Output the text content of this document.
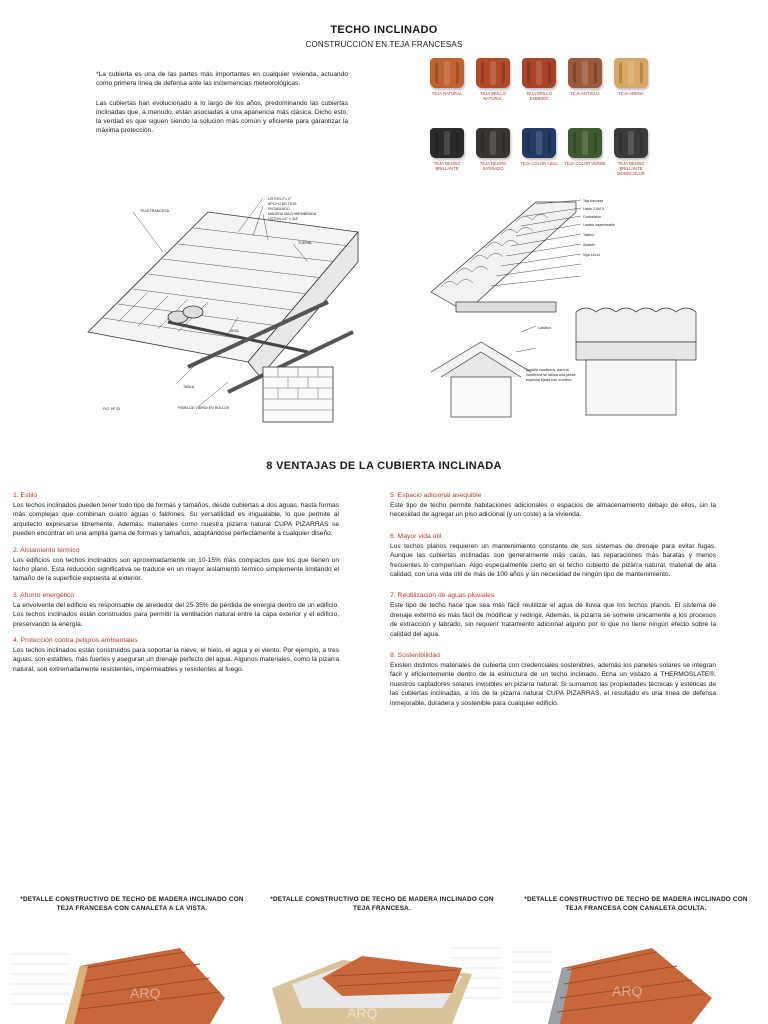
TECHO INCLINADO
CONSTRUCCIÓN EN TEJA FRANCESAS

*La cubierta es una de las partes más importantes en cualquier vivienda, actuando como primera línea de defensa ante las inclemencias meteorológicas.

Las cubiertas han evolucionado a lo largo de los años, predominando las cubiertas inclinadas que, a menudo, están asociadas a una apariencia más clásica. Dicho esto, la verdad es que siguen siendo la solución más común y eficiente para garantizar la máxima protección.

TEJA NATURAL	TEJA BRILLO NATURAL
TEJA BRILLO EMBERO
TEJA ANTIGUA	TEJA ARENA
TEJA NEGRO BRILLANTE
TEJA NEGRO SATINADO
TEJA COLOR AZUL	TEJA COLOR VERDE	TEJA NEGRO BRILLANTE MONOCOLOR
TEJA FRANCESA
LISTON 2"x 2"
APOYO DE TEJA
ENTABLADO
MADERA MACHIHEMBRADA
LISTON 1/2" x 3/4"
TIJERAL
VIGA
TABLA
FIBRA DE VIDRIO EN ROLLOS
FIG. Nº 33
Teja francesa
Listón 2,5x2,5
Contralistón
Lámina impermeable
Tablero
Aislante
Viga 14x14
Canalón
Detalle cumbrera: para la cumbrera se utiliza una pieza especial fijada con mortero.
8 VENTAJAS DE LA CUBIERTA INCLINADA
1. Estilo

Los techos inclinados pueden tener todo tipo de formas y tamaños, desde cubiertas a dos aguas, hasta formas más complejas que combinan cuatro aguas o faldones. Su versatilidad es inigualable, lo que permite al arquitecto expresarse libremente. Además, materiales como nuestra pizarra natural CUPA PIZARRAS se pueden encontrar en una amplia gama de formas y tamaños, adaptándose perfectamente a cualquier diseño.

2. Aislamiento térmico

Los edificios con techos inclinados son aproximadamente un 10-15% más compactos que los que tienen un techo plano. Esta reducción significativa se traduce en un mayor aislamiento térmico simplemente limitando el tamaño de la superficie expuesta al exterior.

3. Ahorro energético

La envolvente del edificio es responsable de alrededor del 25-35% de pérdida de energía dentro de un edificio. Los techos inclinados están construidos para permitir la ventilación natural entre la capa exterior y el edificio, preservando la energía.

4. Protección contra peligros ambientales

Los techos inclinados están construidos para soportar la nieve, el hielo, el agua y el viento. Por ejemplo, a tres aguas, son estables, más fuertes y aseguran un drenaje perfecto del agua. Algunos materiales, como la pizarra natural, son extremadamente resistentes, impermeables y resistentes al fuego.

5. Espacio adicional asequible

Este tipo de techo permite habitaciones adicionales o espacios de almacenamiento debajo de ellos, sin la necesidad de agregar un piso adicional (y un coste) a la vivienda.

6. Mayor vida útil

Los techos planos requieren un mantenimiento constante de sus sistemas de drenaje para evitar fugas. Aunque las cubiertas inclinadas son generalmente más caras, las reparaciones más baratas y menos frecuentes lo compensan. Algo especialmente cierto en el techo cubierto de pizarra natural, material de alta calidad, con una vida útil de más de 100 años y sin necesidad de ningún tipo de mantenimiento.

7. Reutilización de aguas pluviales

Este tipo de techo hace que sea más fácil reutilizar el agua de lluvia que los techos planos. El sistema de drenaje externo es más fácil de modificar y redirigir. Además, la pizarra se somete únicamente a los procesos de extracción y labrado, sin requerir tratamiento adicional alguno por lo que no tiene ningún efecto sobre la calidad del agua.

8. Sostenibilidad

Existen distintos materiales de cubierta con credenciales sostenibles, además los paneles solares se integran fácil y eficientemente dentro de la estructura de un techo inclinado. Echa un vistazo a THERMOSLATE®, nuestros captadores solares invisibles en pizarra natural. Si sumamos las propiedades técnicas y estéticas de las cubiertas inclinadas, a los de la pizarra natural CUPA PIZARRAS, el resultado es una línea de defensa inmejorable, duradera y sostenible para cualquier edificio.

*DETALLE CONSTRUCTIVO DE TECHO DE MADERA INCLINADO CON TEJA FRANCESA CON CANALETA A LA VISTA.
*DETALLE CONSTRUCTIVO DE TECHO DE MADERA INCLINADO CON TEJA FRANCESA.
*DETALLE CONSTRUCTIVO DE TECHO DE MADERA INCLINADO CON TEJA FRANCESA CON CANALETA OCULTA.
ARQ
ARQ
ARQ
